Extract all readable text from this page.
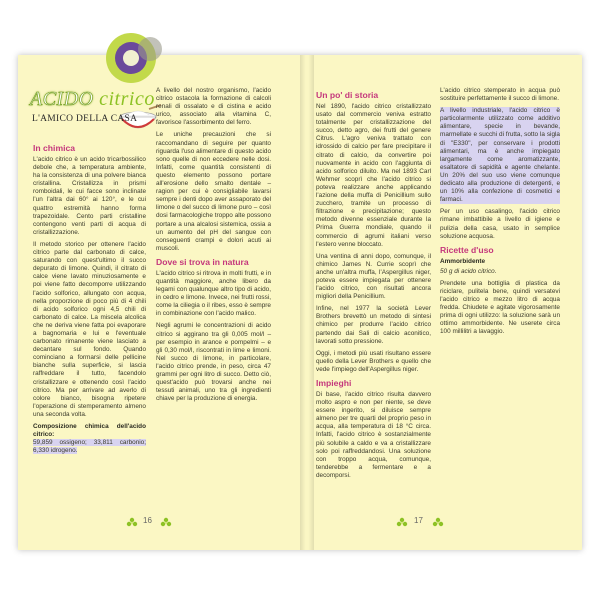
ACIDO citrico
L'AMICO DELLA CASA
In chimica

L'acido citrico è un acido tricarbossilico debole che, a temperatura ambiente, ha la consistenza di una polvere bianca cristallina. Cristallizza in prismi romboidali, le cui facce sono inclinate l'un l'altra dai 60° ai 120°, e le cui quattro estremità hanno forma trapezoidale. Cento parti cristalline contengono venti parti di acqua di cristallizzazione.

Il metodo storico per ottenere l'acido citrico parte dal carbonato di calce, saturando con quest'ultimo il succo depurato di limone. Quindi, il citrato di calce viene lavato minuziosamente e poi viene fatto decomporre utilizzando l'acido solforico, allungato con acqua, nella proporzione di poco più di 4 chili di acido solforico ogni 4,5 chili di carbonato di calce. La miscela alcolica che ne deriva viene fatta poi evaporare a bagnomaria e lui e l'eventuale carbonato rimanente viene lasciato a decantare sul fondo. Quando cominciano a formarsi delle pellicine bianche sulla superficie, si lascia raffreddare il tutto, facendolo cristallizzare e ottenendo così l'acido citrico. Ma per arrivare ad averlo di colore bianco, bisogna ripetere l'operazione di stemperamento almeno una seconda volta.

Composizione chimica dell'acido citrico:

59,859 ossigeno; 33,811 carbonio; 6,330 idrogeno.

A livello del nostro organismo, l'acido citrico ostacola la formazione di calcoli renali di ossalato e di cistina e acido urico, associato alla vitamina C, favorisce l'assorbimento del ferro.

Le uniche precauzioni che si raccomandano di seguire per quanto riguarda l'uso alimentare di questo acido sono quelle di non eccedere nelle dosi. Infatti, come quantità consistenti di questo elemento possono portare all'erosione dello smalto dentale – ragion per cui è consigliabile lavarsi sempre i denti dopo aver assaporato del limone o del succo di limone puro – così dosi farmacologiche troppo alte possono portare a una alcalosi sistemica, ossia a un aumento del pH del sangue con conseguenti crampi e dolori acuti ai muscoli.

Dove si trova in natura

L'acido citrico si ritrova in molti frutti, e in quantità maggiore, anche libero da legami con qualunque altro tipo di acido, in cedro e limone. Invece, nei frutti rossi, come la ciliegia o il ribes, esso è sempre in combinazione con l'acido malico.

Negli agrumi le concentrazioni di acido citrico si aggirano tra gli 0,005 mol/l – per esempio in arance e pompelmi – e gli 0,30 mol/l, riscontrati in lime e limoni. Nel succo di limone, in particolare, l'acido citrico prende, in peso, circa 47 grammi per ogni litro di succo. Detto ciò, quest'acido può trovarsi anche nei tessuti animali, uno tra gli ingredienti chiave per la produzione di energia.

Un po' di storia

Nel 1890, l'acido citrico cristallizzato usato dal commercio veniva estratto totalmente per cristallizzazione del succo, detto agro, dei frutti del genere Citrus. L'agro veniva trattato con idrossido di calcio per fare precipitare il citrato di calcio, da convertire poi nuovamente in acido con l'aggiunta di acido solforico diluito. Ma nel 1893 Carl Wehmer scoprì che l'acido citrico si poteva realizzare anche applicando l'azione della muffa di Penicillium sullo zucchero, tramite un processo di filtrazione e precipitazione; questo metodo divenne essenziale durante la Prima Guerra mondiale, quando il commercio di agrumi italiani verso l'estero venne bloccato.

Una ventina di anni dopo, comunque, il chimico James N. Currie scoprì che anche un'altra muffa, l'Aspergillus niger, poteva essere impiegata per ottenere l'acido citrico, con risultati ancora migliori della Penicillium.

Infine, nel 1977 la società Lever Brothers brevettò un metodo di sintesi chimico per produrre l'acido citrico partendo dai Sali di calcio aconitico, lavorati sotto pressione.

Oggi, i metodi più usati risultano essere quello della Lever Brothers e quello che vede l'impiego dell'Aspergillus niger.

Impieghi

Di base, l'acido citrico risulta davvero molto aspro e non per niente, se deve essere ingerito, si diluisce sempre almeno per tre quarti del proprio peso in acqua, alla temperatura di 18 °C circa. Infatti, l'acido citrico è sostanzialmente più solubile a caldo e va a cristallizzare solo poi raffreddandosi. Una soluzione con troppo acqua, comunque, tenderebbe a fermentare e a decomporsi.

L'acido citrico stemperato in acqua può sostituire perfettamente il succo di limone.

A livello industriale, l'acido citrico è particolarmente utilizzato come additivo alimentare, specie in bevande, marmellate e succhi di frutta, sotto la sigla di "E330", per conservare i prodotti alimentari, ma è anche impiegato largamente come aromatizzante, esaltatore di sapidità e agente chelante. Un 20% del suo uso viene comunque dedicato alla produzione di detergenti, e un 10% alla confezione di cosmetici e farmaci.

Per un uso casalingo, l'acido citrico rimane imbattibile a livello di igiene e pulizia della casa, usato in semplice soluzione acquosa.

Ricette d'uso

Ammorbidente

50 g di acido citrico.

Prendete una bottiglia di plastica da riciclare, pulitela bene, quindi versatevi l'acido citrico e mezzo litro di acqua fredda. Chiudete e agitate vigorosamente prima di ogni utilizzo: la soluzione sarà un ottimo ammorbidente. Ne userete circa 100 millilitri a lavaggio.

16	17
